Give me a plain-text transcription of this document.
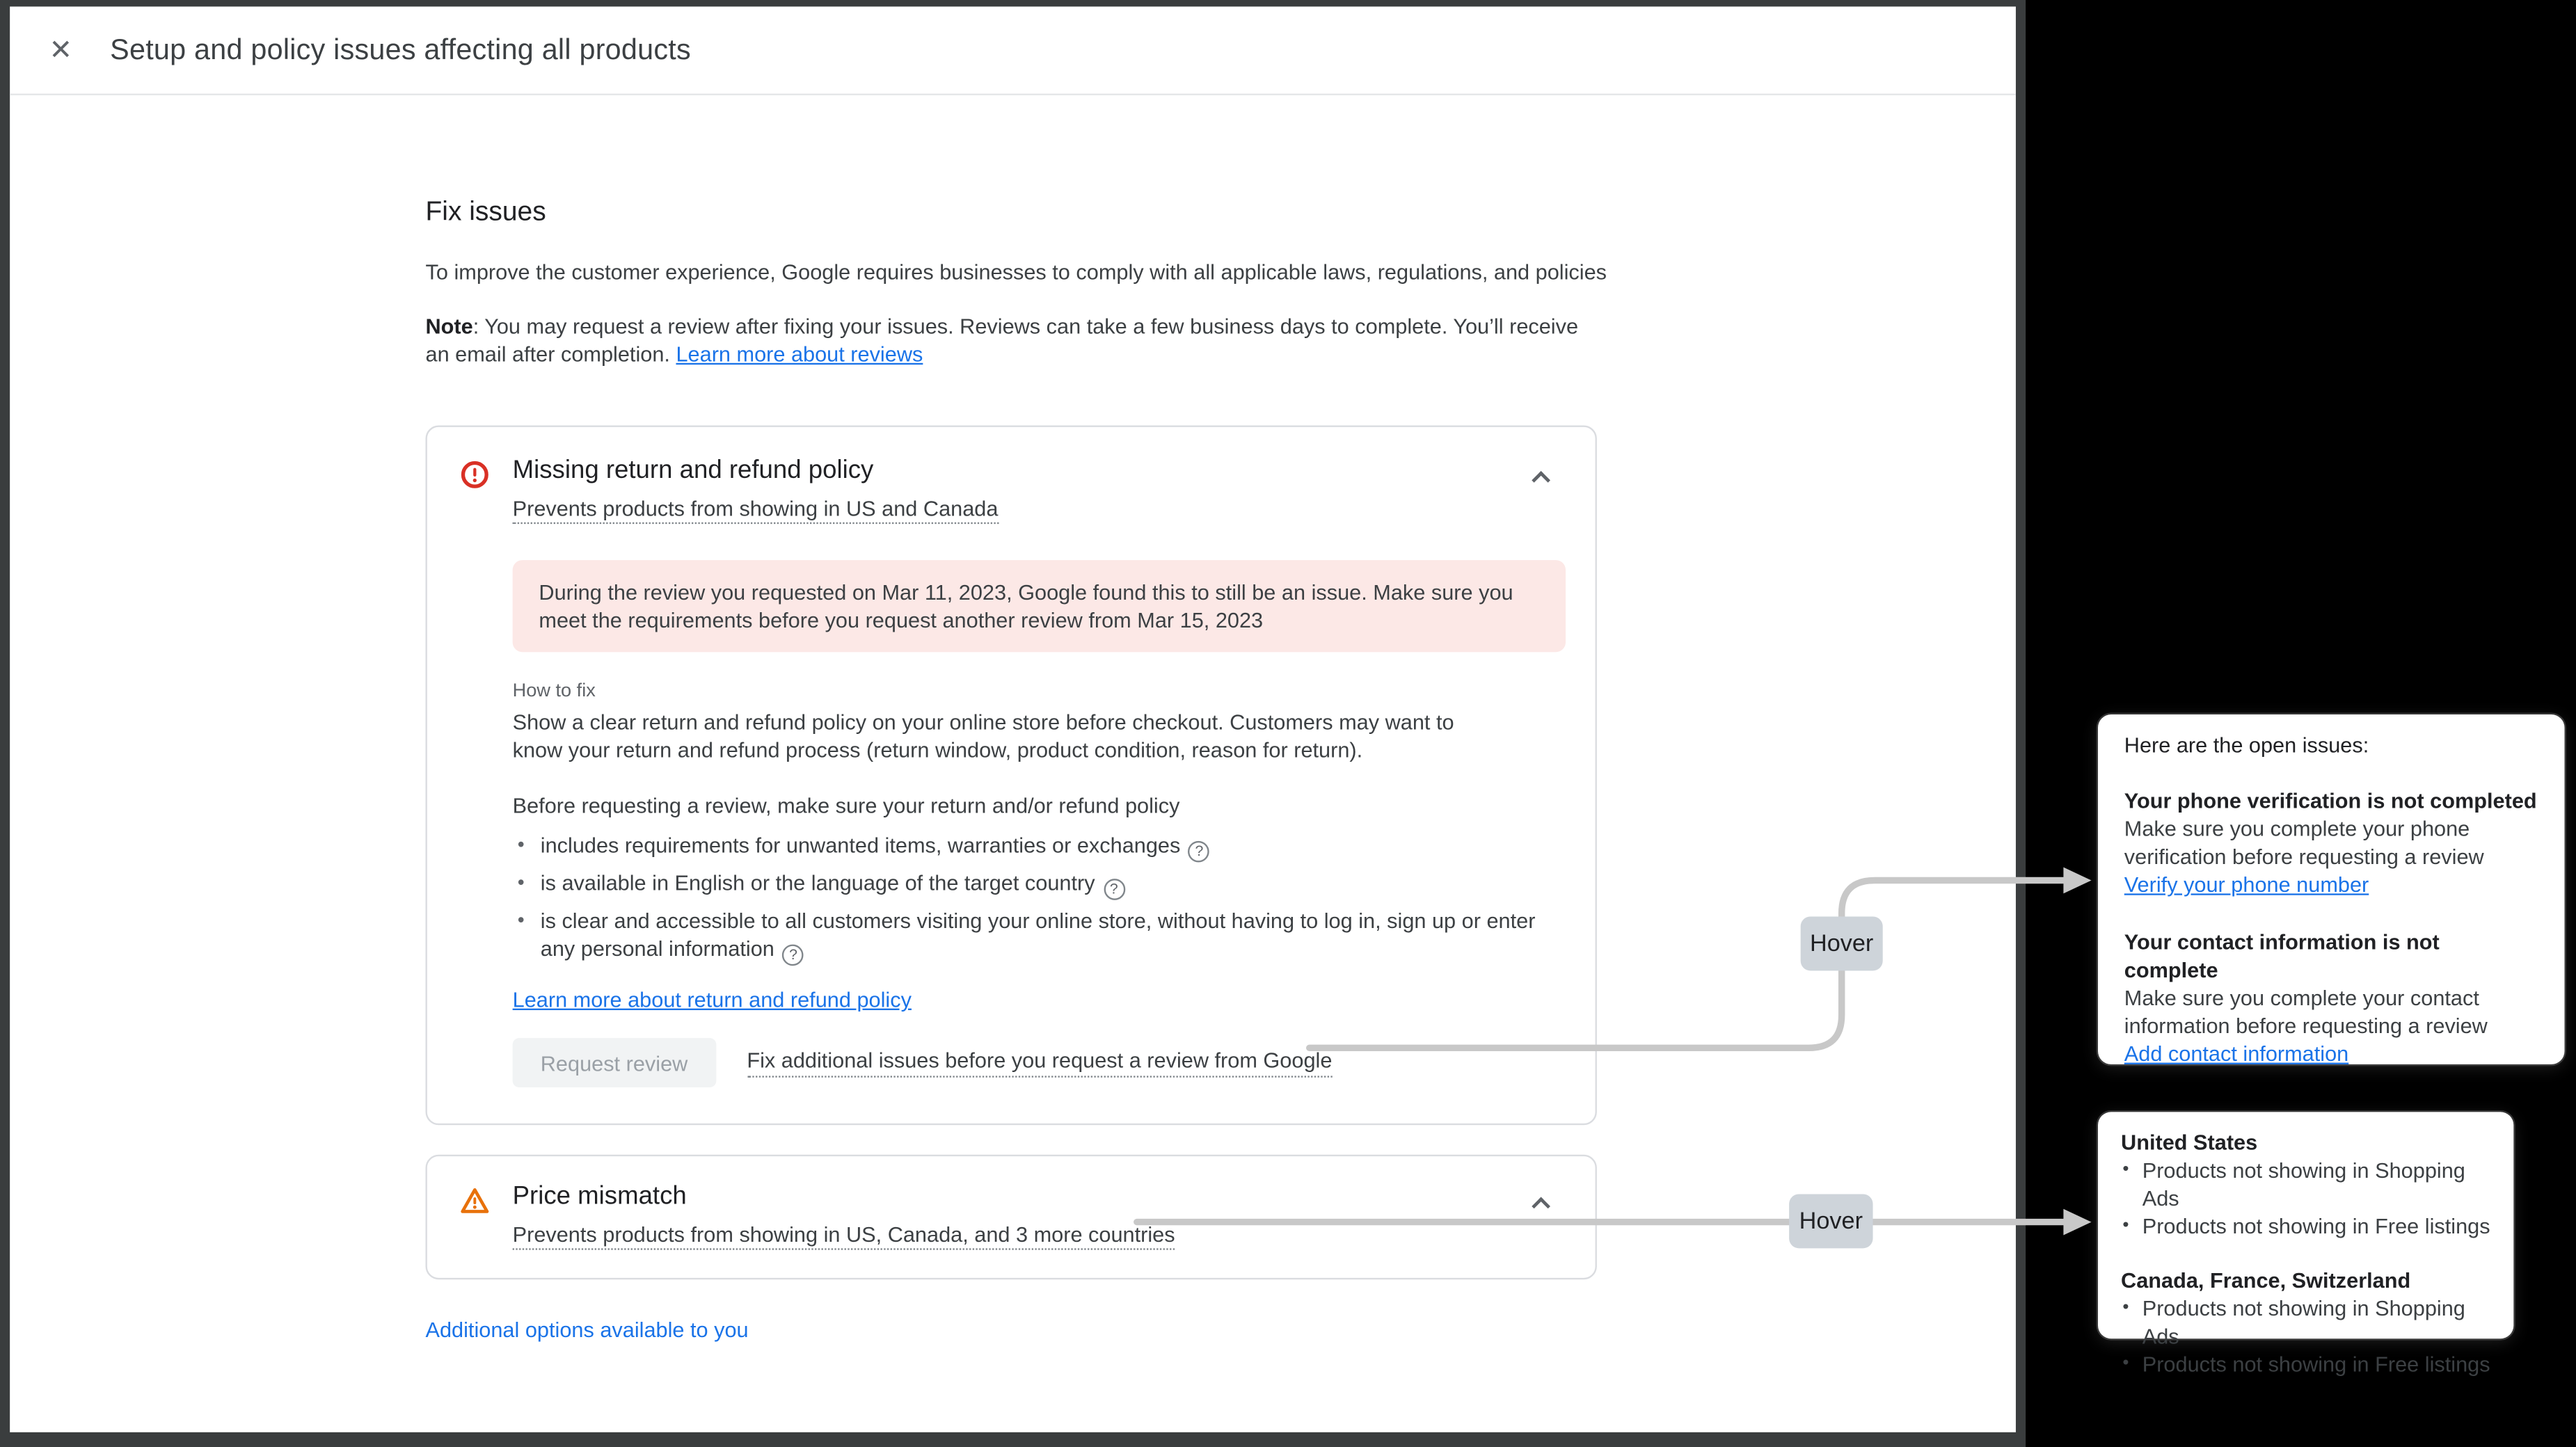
✕	Setup and policy issues affecting all products
Fix issues
To improve the customer experience, Google requires businesses to comply with all applicable laws, regulations, and policies
Note: You may request a review after fixing your issues. Reviews can take a few business days to complete. You’ll receive an email after completion. Learn more about reviews
Missing return and refund policy
Prevents products from showing in US and Canada
During the review you requested on Mar 11, 2023, Google found this to still be an issue. Make sure you meet the requirements before you request another review from Mar 15, 2023
How to fix
Show a clear return and refund policy on your online store before checkout. Customers may want to know your return and refund process (return window, product condition, reason for return).
Before requesting a review, make sure your return and/or refund policy
• includes requirements for unwanted items, warranties or exchanges ?
• is available in English or the language of the target country ?
• is clear and accessible to all customers visiting your online store, without having to log in, sign up or enter any personal information ?
Learn more about return and refund policy
Request review	Fix additional issues before you request a review from Google
Price mismatch
Prevents products from showing in US, Canada, and 3 more countries
Additional options available to you
Hover
Hover
Here are the open issues:
Your phone verification is not completed
Make sure you complete your phone verification before requesting a review
Verify your phone number
Your contact information is not complete
Make sure you complete your contact information before requesting a review
Add contact information
United States
• Products not showing in Shopping Ads
• Products not showing in Free listings
Canada, France, Switzerland
• Products not showing in Shopping Ads
• Products not showing in Free listings
